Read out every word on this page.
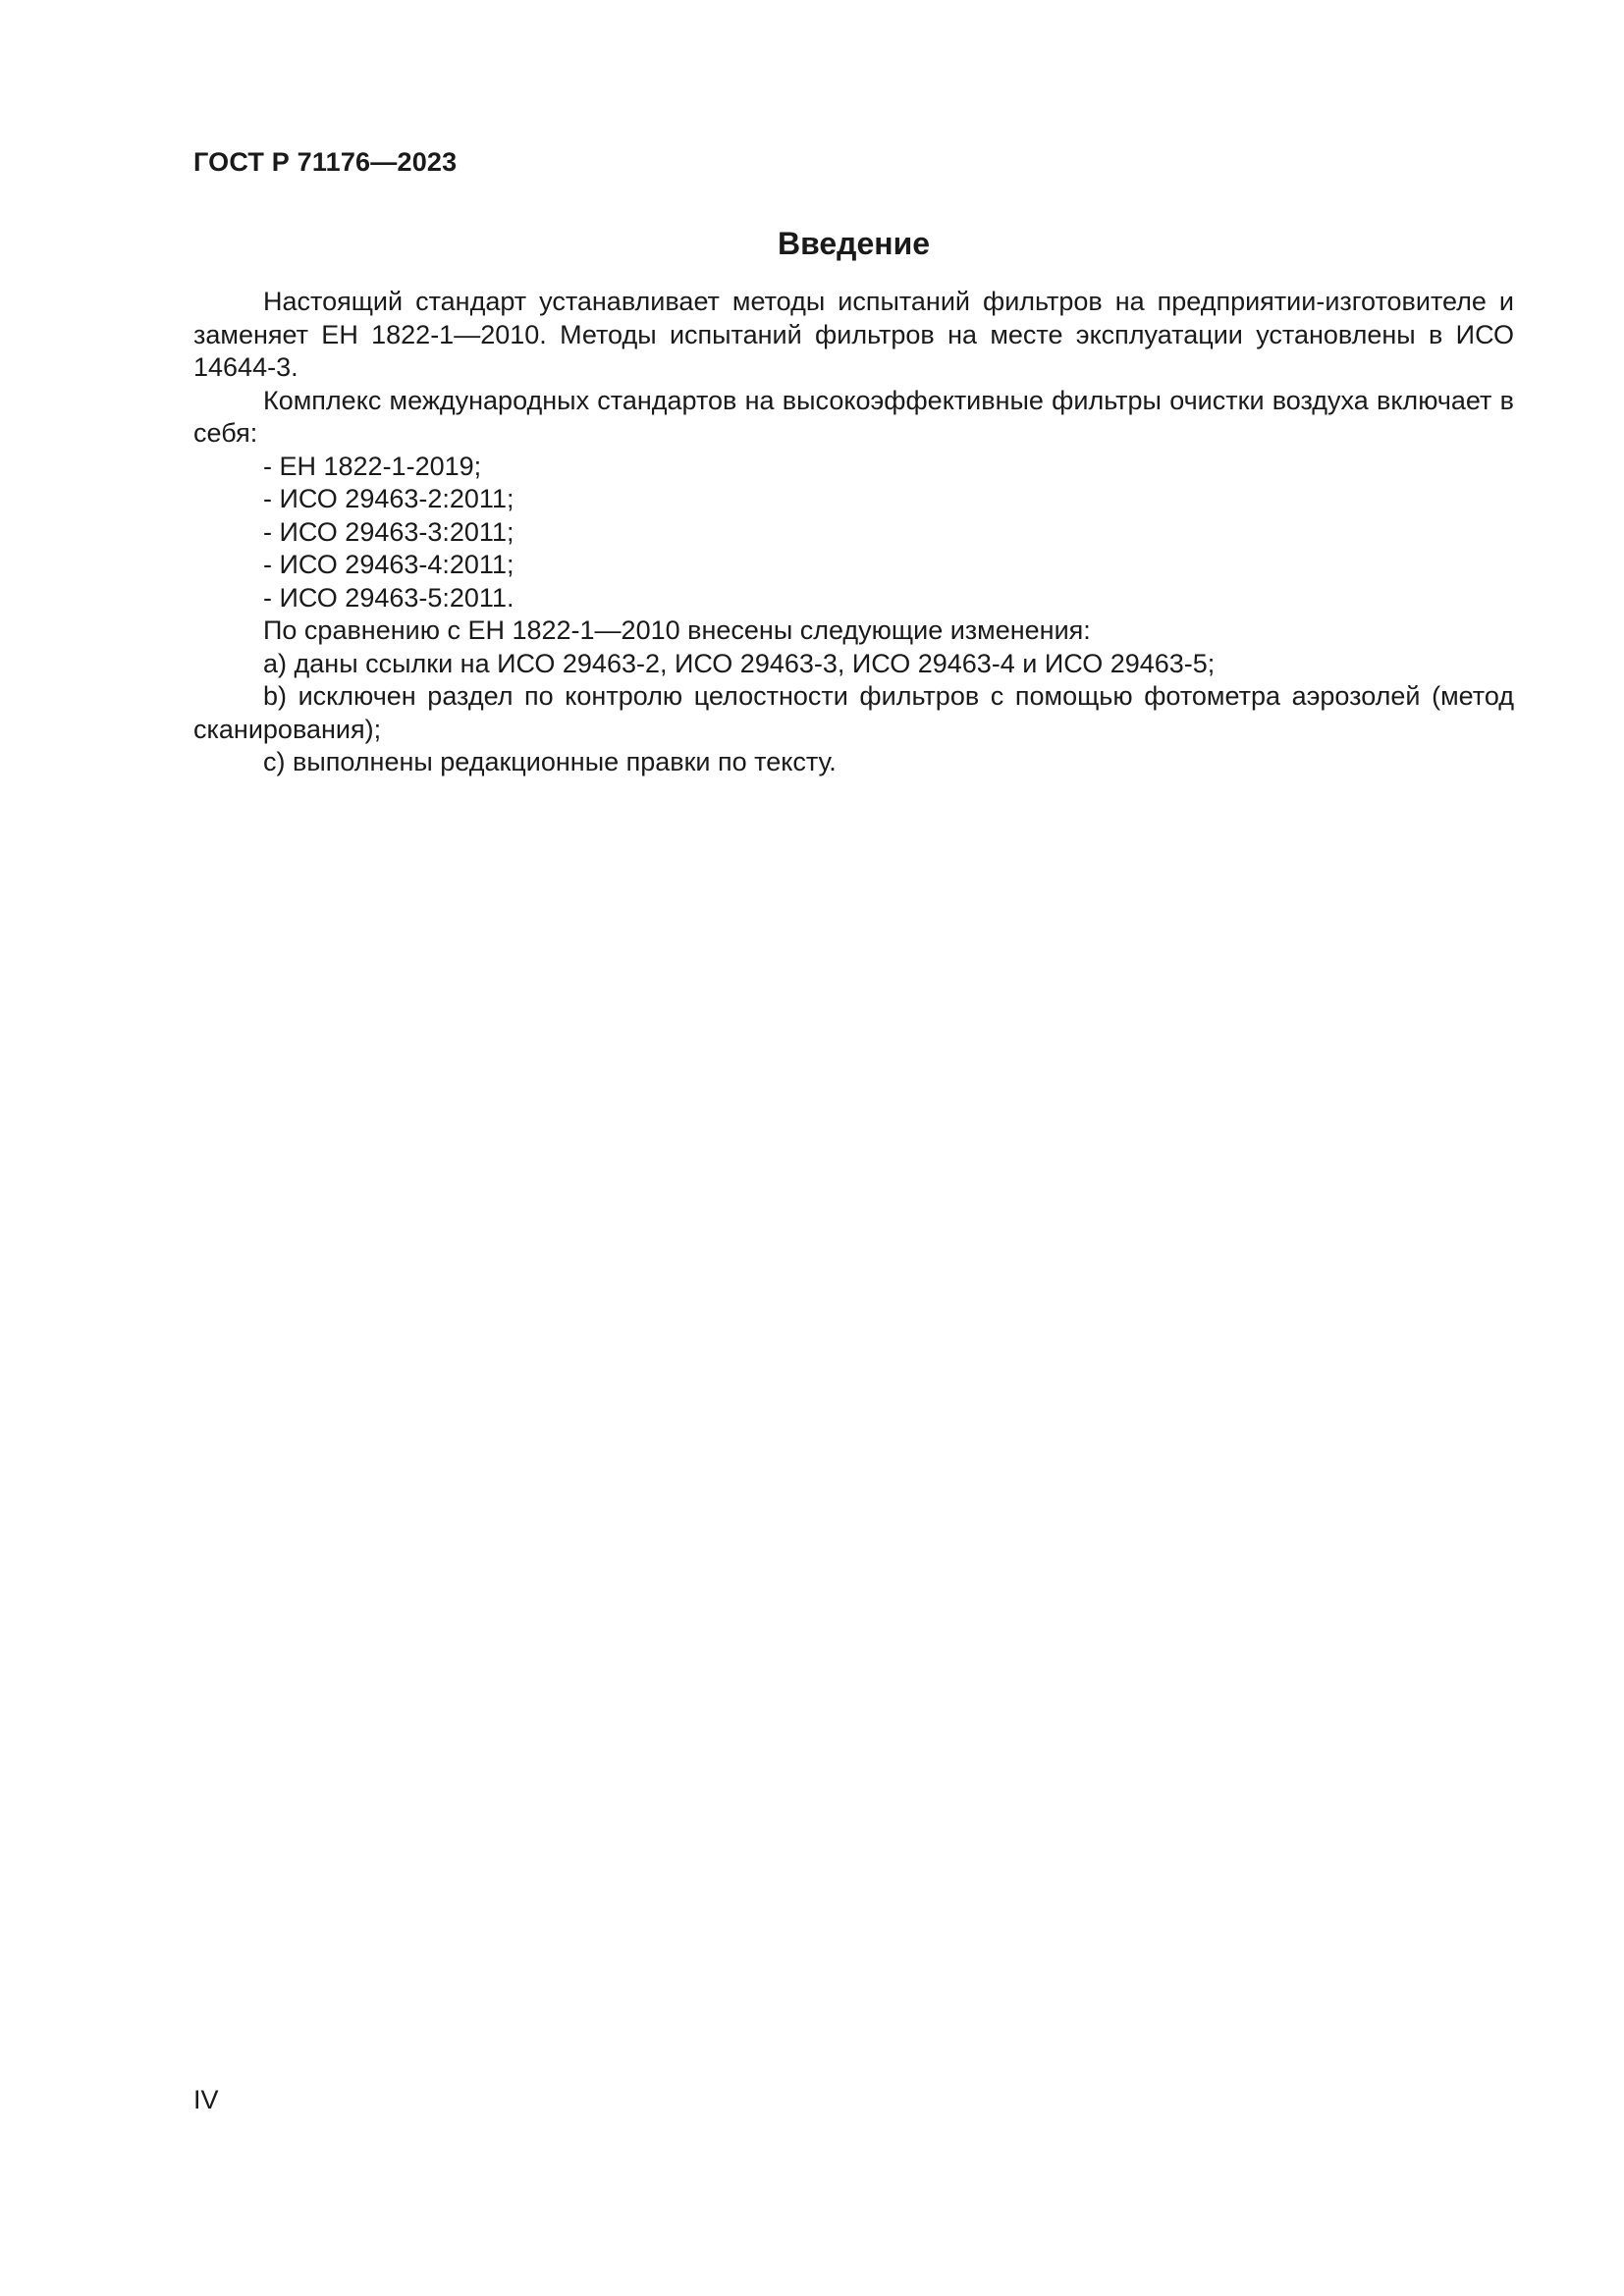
ГОСТ Р 71176—2023
Введение

Настоящий стандарт устанавливает методы испытаний фильтров на предприятии-изготовителе и заменяет ЕН 1822-1—2010. Методы испытаний фильтров на месте эксплуатации установлены в ИСО 14644-3.

Комплекс международных стандартов на высокоэффективные фильтры очистки воздуха включает в себя:

- ЕН 1822-1-2019;

- ИСО 29463-2:2011;

- ИСО 29463-3:2011;

- ИСО 29463-4:2011;

- ИСО 29463-5:2011.

По сравнению с ЕН 1822-1—2010 внесены следующие изменения:

а) даны ссылки на ИСО 29463-2, ИСО 29463-3, ИСО 29463-4 и ИСО 29463-5;

b) исключен раздел по контролю целостности фильтров с помощью фотометра аэрозолей (метод сканирования);

c) выполнены редакционные правки по тексту.

IV
